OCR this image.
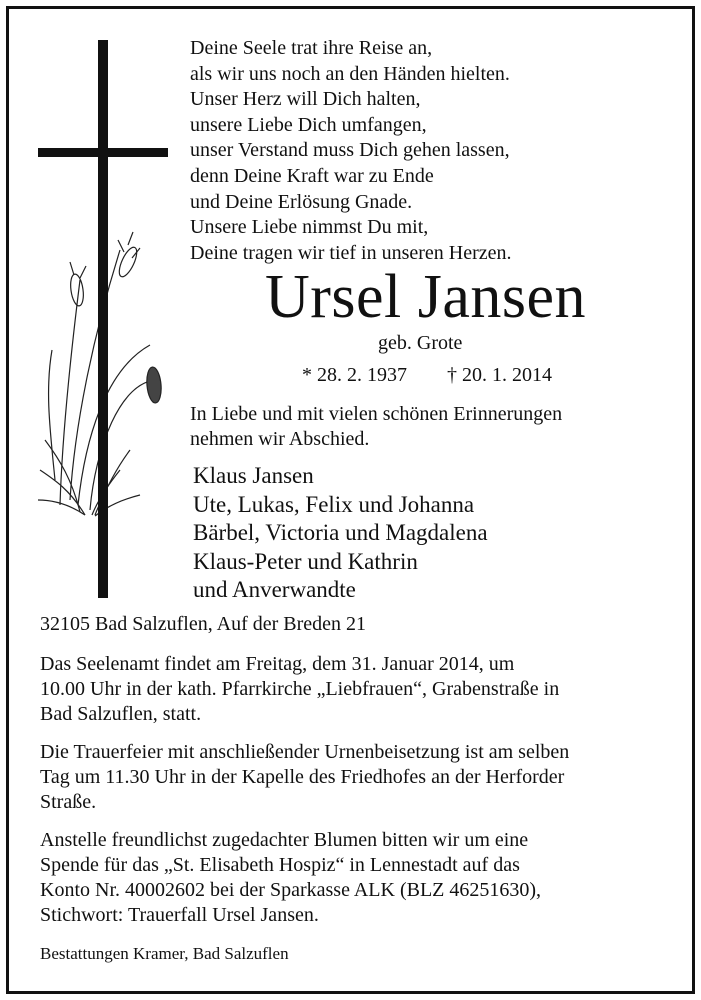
Deine Seele trat ihre Reise an,
als wir uns noch an den Händen hielten.
Unser Herz will Dich halten,
unsere Liebe Dich umfangen,
unser Verstand muss Dich gehen lassen,
denn Deine Kraft war zu Ende
und Deine Erlösung Gnade.
Unsere Liebe nimmst Du mit,
Deine tragen wir tief in unseren Herzen.
Ursel Jansen
geb. Grote
* 28. 2. 1937 † 20. 1. 2014
In Liebe und mit vielen schönen Erinnerungen
nehmen wir Abschied.
Klaus Jansen
Ute, Lukas, Felix und Johanna
Bärbel, Victoria und Magdalena
Klaus-Peter und Kathrin
und Anverwandte
32105 Bad Salzuflen, Auf der Breden 21
Das Seelenamt findet am Freitag, dem 31. Januar 2014, um
10.00 Uhr in der kath. Pfarrkirche „Liebfrauen“, Grabenstraße in
Bad Salzuflen, statt.
Die Trauerfeier mit anschließender Urnenbeisetzung ist am selben
Tag um 11.30 Uhr in der Kapelle des Friedhofes an der Herforder
Straße.
Anstelle freundlichst zugedachter Blumen bitten wir um eine
Spende für das „St. Elisabeth Hospiz“ in Lennestadt auf das
Konto Nr. 40002602 bei der Sparkasse ALK (BLZ 46251630),
Stichwort: Trauerfall Ursel Jansen.
Bestattungen Kramer, Bad Salzuflen
